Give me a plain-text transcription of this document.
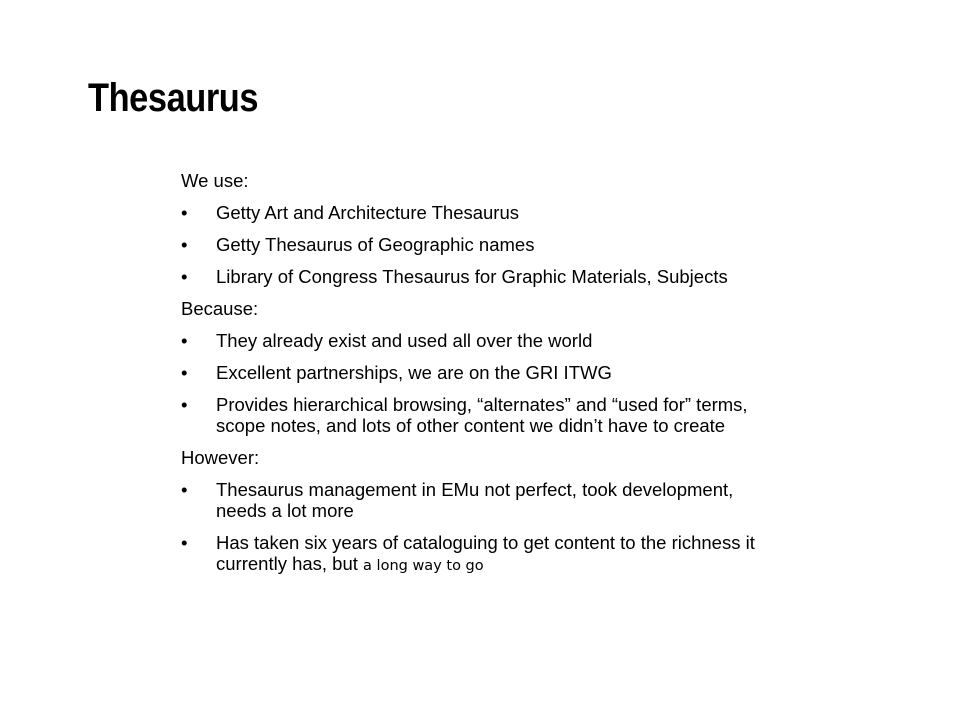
Thesaurus

We use:

•	Getty Art and Architecture Thesaurus
•	Getty Thesaurus of Geographic names
•	Library of Congress Thesaurus for Graphic Materials, Subjects

Because:

•	They already exist and used all over the world
•	Excellent partnerships, we are on the GRI ITWG
•	Provides hierarchical browsing, “alternates” and “used for” terms, scope notes, and lots of other content we didn’t have to create

However:

•	Thesaurus management in EMu not perfect, took development, needs a lot more
•	Has taken six years of cataloguing to get content to the richness it currently has, but a long way to go
